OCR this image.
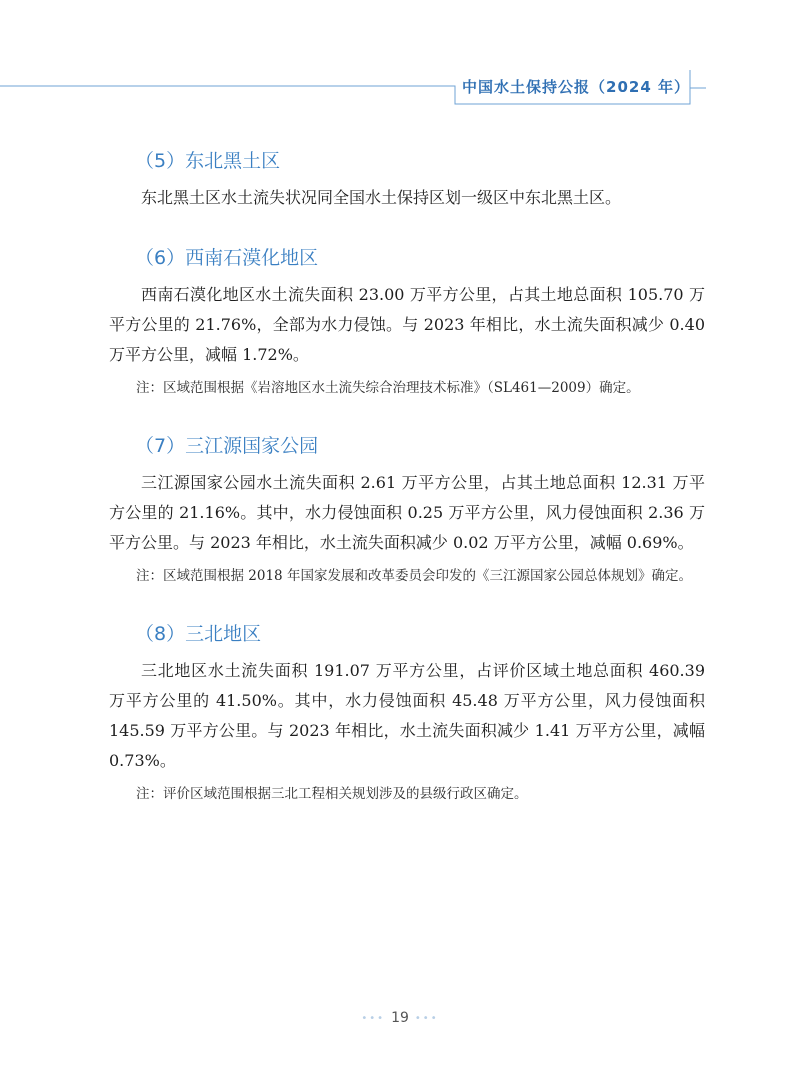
中国水土保持公报（2024 年）
（5）东北黑土区

东北黑土区水土流失状况同全国水土保持区划一级区中东北黑土区。

（6）西南石漠化地区

西南石漠化地区水土流失面积 23.00 万平方公里，占其土地总面积 105.70 万平方公里的 21.76%，全部为水力侵蚀。与 2023 年相比，水土流失面积减少 0.40 万平方公里，减幅 1.72%。

注：区域范围根据《岩溶地区水土流失综合治理技术标准》（SL461—2009）确定。

（7）三江源国家公园

三江源国家公园水土流失面积 2.61 万平方公里，占其土地总面积 12.31 万平方公里的 21.16%。其中，水力侵蚀面积 0.25 万平方公里，风力侵蚀面积 2.36 万平方公里。与 2023 年相比，水土流失面积减少 0.02 万平方公里，减幅 0.69%。

注：区域范围根据 2018 年国家发展和改革委员会印发的《三江源国家公园总体规划》确定。

（8）三北地区

三北地区水土流失面积 191.07 万平方公里，占评价区域土地总面积 460.39 万平方公里的 41.50%。其中，水力侵蚀面积 45.48 万平方公里，风力侵蚀面积 145.59 万平方公里。与 2023 年相比，水土流失面积减少 1.41 万平方公里，减幅 0.73%。

注：评价区域范围根据三北工程相关规划涉及的县级行政区确定。

••• 19 •••
